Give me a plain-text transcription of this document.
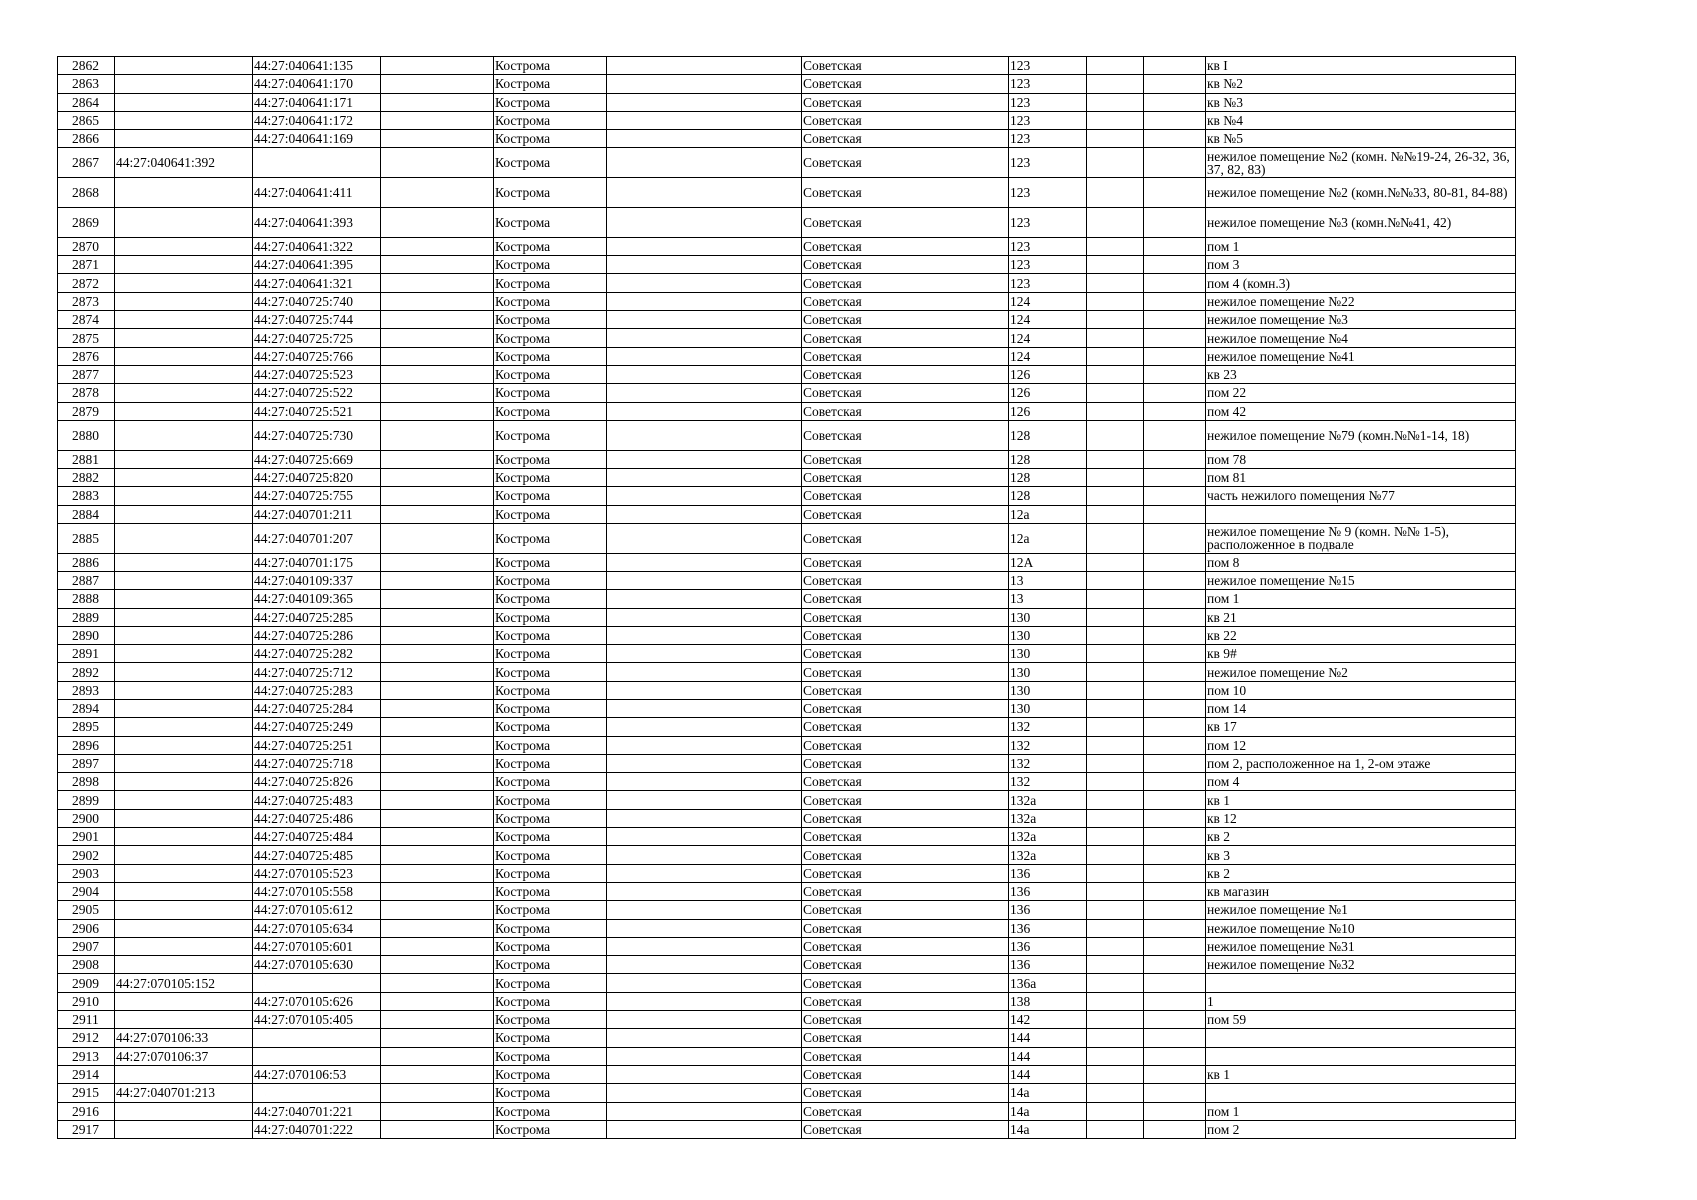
2862		44:27:040641:135		Кострома		Советская	123			кв I
2863		44:27:040641:170		Кострома		Советская	123			кв №2
2864		44:27:040641:171		Кострома		Советская	123			кв №3
2865		44:27:040641:172		Кострома		Советская	123			кв №4
2866		44:27:040641:169		Кострома		Советская	123			кв №5
2867	44:27:040641:392			Кострома		Советская	123			нежилое помещение №2 (комн. №№19-24, 26-32, 36, 37, 82, 83)
2868		44:27:040641:411		Кострома		Советская	123			нежилое помещение №2 (комн.№№33, 80-81, 84-88)
2869		44:27:040641:393		Кострома		Советская	123			нежилое помещение №3 (комн.№№41, 42)
2870		44:27:040641:322		Кострома		Советская	123			пом 1
2871		44:27:040641:395		Кострома		Советская	123			пом 3
2872		44:27:040641:321		Кострома		Советская	123			пом 4 (комн.3)
2873		44:27:040725:740		Кострома		Советская	124			нежилое помещение №22
2874		44:27:040725:744		Кострома		Советская	124			нежилое помещение №3
2875		44:27:040725:725		Кострома		Советская	124			нежилое помещение №4
2876		44:27:040725:766		Кострома		Советская	124			нежилое помещение №41
2877		44:27:040725:523		Кострома		Советская	126			кв 23
2878		44:27:040725:522		Кострома		Советская	126			пом 22
2879		44:27:040725:521		Кострома		Советская	126			пом 42
2880		44:27:040725:730		Кострома		Советская	128			нежилое помещение №79 (комн.№№1-14, 18)
2881		44:27:040725:669		Кострома		Советская	128			пом 78
2882		44:27:040725:820		Кострома		Советская	128			пом 81
2883		44:27:040725:755		Кострома		Советская	128			часть нежилого помещения №77
2884		44:27:040701:211		Кострома		Советская	12а			
2885		44:27:040701:207		Кострома		Советская	12а			нежилое помещение № 9 (комн. №№ 1-5), расположенное в подвале
2886		44:27:040701:175		Кострома		Советская	12А			пом 8
2887		44:27:040109:337		Кострома		Советская	13			нежилое помещение №15
2888		44:27:040109:365		Кострома		Советская	13			пом 1
2889		44:27:040725:285		Кострома		Советская	130			кв 21
2890		44:27:040725:286		Кострома		Советская	130			кв 22
2891		44:27:040725:282		Кострома		Советская	130			кв 9#
2892		44:27:040725:712		Кострома		Советская	130			нежилое помещение №2
2893		44:27:040725:283		Кострома		Советская	130			пом 10
2894		44:27:040725:284		Кострома		Советская	130			пом 14
2895		44:27:040725:249		Кострома		Советская	132			кв 17
2896		44:27:040725:251		Кострома		Советская	132			пом 12
2897		44:27:040725:718		Кострома		Советская	132			пом 2, расположенное на 1, 2-ом этаже
2898		44:27:040725:826		Кострома		Советская	132			пом 4
2899		44:27:040725:483		Кострома		Советская	132а			кв 1
2900		44:27:040725:486		Кострома		Советская	132а			кв 12
2901		44:27:040725:484		Кострома		Советская	132а			кв 2
2902		44:27:040725:485		Кострома		Советская	132а			кв 3
2903		44:27:070105:523		Кострома		Советская	136			кв 2
2904		44:27:070105:558		Кострома		Советская	136			кв магазин
2905		44:27:070105:612		Кострома		Советская	136			нежилое помещение №1
2906		44:27:070105:634		Кострома		Советская	136			нежилое помещение №10
2907		44:27:070105:601		Кострома		Советская	136			нежилое помещение №31
2908		44:27:070105:630		Кострома		Советская	136			нежилое помещение №32
2909	44:27:070105:152			Кострома		Советская	136а			
2910		44:27:070105:626		Кострома		Советская	138			1
2911		44:27:070105:405		Кострома		Советская	142			пом 59
2912	44:27:070106:33			Кострома		Советская	144			
2913	44:27:070106:37			Кострома		Советская	144			
2914		44:27:070106:53		Кострома		Советская	144			кв 1
2915	44:27:040701:213			Кострома		Советская	14а			
2916		44:27:040701:221		Кострома		Советская	14а			пом 1
2917		44:27:040701:222		Кострома		Советская	14а			пом 2
